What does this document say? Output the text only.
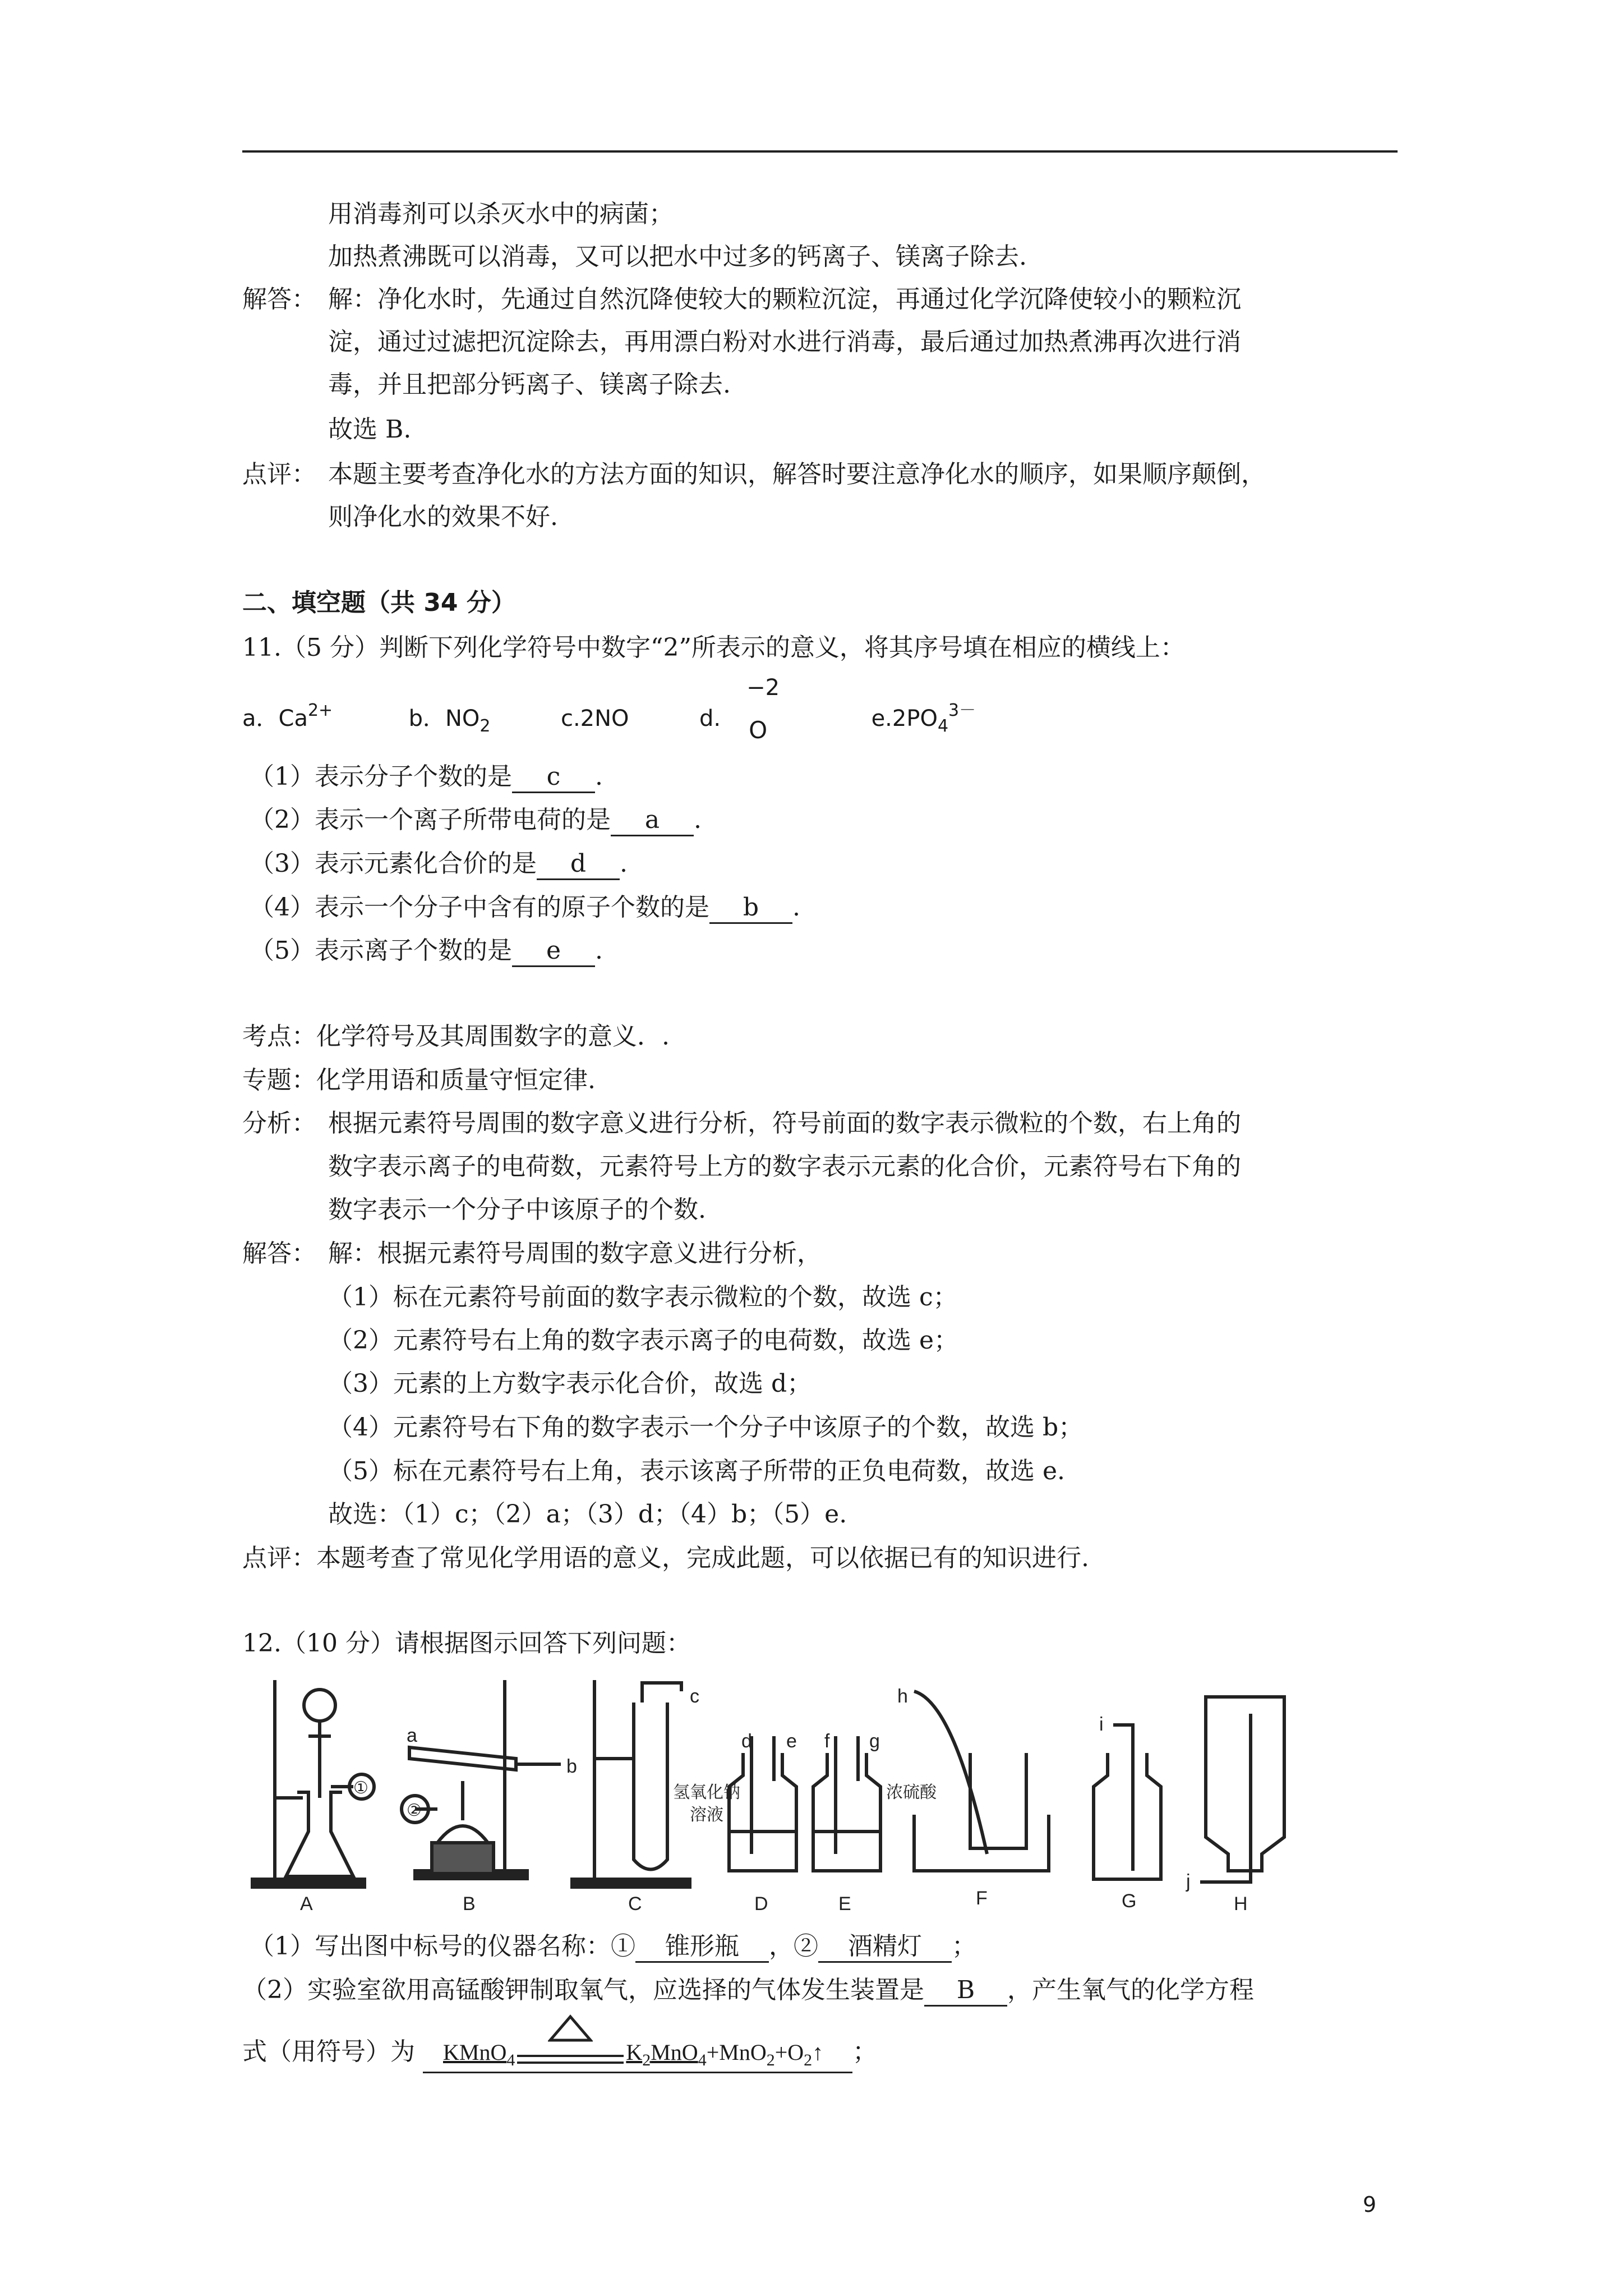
用消毒剂可以杀灭水中的病菌；
加热煮沸既可以消毒，又可以把水中过多的钙离子、镁离子除去.
解答： 解：净化水时，先通过自然沉降使较大的颗粒沉淀，再通过化学沉降使较小的颗粒沉
淀，通过过滤把沉淀除去，再用漂白粉对水进行消毒，最后通过加热煮沸再次进行消
毒，并且把部分钙离子、镁离子除去.
故选 B.
点评： 本题主要考查净化水的方法方面的知识，解答时要注意净化水的顺序，如果顺序颠倒，
则净化水的效果不好.
二、填空题（共 34 分）
11.（5 分）判断下列化学符号中数字“2”所表示的意义，将其序号填在相应的横线上：
a．$Ca^{2+}$	b．$NO_2$	c.2NO	d.
−2
O	$e.2PO_4^{3-}$
（1）表示分子个数的是 c .
（2）表示一个离子所带电荷的是 a .
（3）表示元素化合价的是 d .
（4）表示一个分子中含有的原子个数的是 b .
（5）表示离子个数的是 e .
考点：化学符号及其周围数字的意义．.
专题：化学用语和质量守恒定律.
分析： 根据元素符号周围的数字意义进行分析，符号前面的数字表示微粒的个数，右上角的
数字表示离子的电荷数，元素符号上方的数字表示元素的化合价，元素符号右下角的
数字表示一个分子中该原子的个数.
解答： 解：根据元素符号周围的数字意义进行分析，
（1）标在元素符号前面的数字表示微粒的个数，故选 c；
（2）元素符号右上角的数字表示离子的电荷数，故选 e；
（3）元素的上方数字表示化合价，故选 d；
（4）元素符号右下角的数字表示一个分子中该原子的个数，故选 b；
（5）标在元素符号右上角，表示该离子所带的正负电荷数，故选 e.
故选：（1）c；（2）a；（3）d；（4）b；（5）e.
点评：本题考查了常见化学用语的意义，完成此题，可以依据已有的知识进行.
12.（10 分）请根据图示回答下列问题：
A	B	C	D	E	F	G	H
a
b
c
d e f g
h
i
j
①
②
氢氧化钠
溶液
浓硫酸
（1）写出图中标号的仪器名称：① 锥形瓶 ，② 酒精灯 ；
（2）实验室欲用高锰酸钾制取氧气，应选择的气体发生装置是 B ，产生氧气的化学方程
式（用符号）为 KMnO$_4$	$K_2MnO_4+MnO_2+O_2↑$ ；
9
